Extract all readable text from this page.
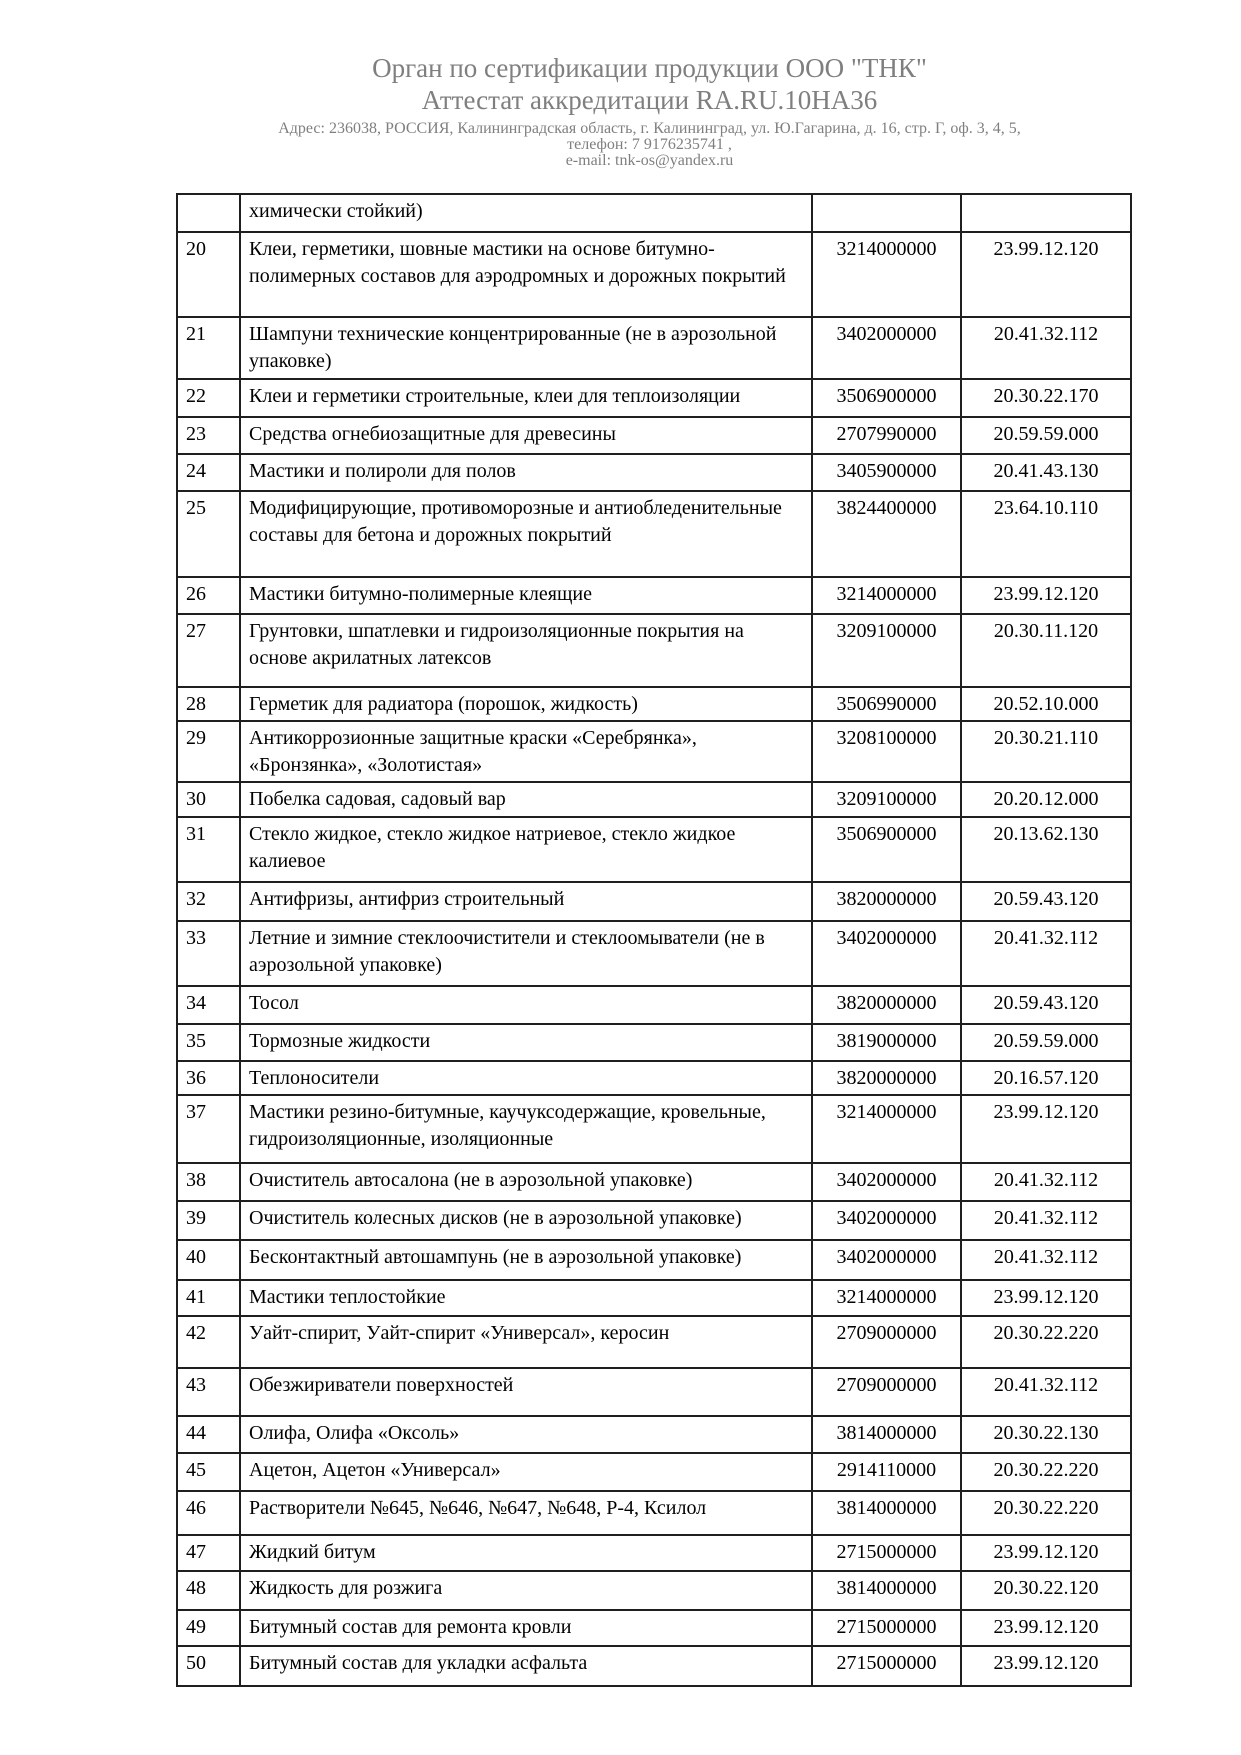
Орган по сертификации продукции ООО "ТНК"
Аттестат аккредитации RA.RU.10НА36
Адрес: 236038, РОССИЯ, Калининградская область, г. Калининград, ул. Ю.Гагарина, д. 16, стр. Г, оф. 3, 4, 5,
телефон: 7 9176235741 ,
e-mail: tnk-os@yandex.ru
	химически стойкий)		
20	Клеи, герметики, шовные мастики на основе битумно-полимерных составов для аэродромных и дорожных покрытий	3214000000	23.99.12.120
21	Шампуни технические концентрированные (не в аэрозольной упаковке)	3402000000	20.41.32.112
22	Клеи и герметики строительные, клеи для теплоизоляции	3506900000	20.30.22.170
23	Средства огнебиозащитные для древесины	2707990000	20.59.59.000
24	Мастики и полироли для полов	3405900000	20.41.43.130
25	Модифицирующие, противоморозные и антиобледенительные составы для бетона и дорожных покрытий	3824400000	23.64.10.110
26	Мастики битумно-полимерные клеящие	3214000000	23.99.12.120
27	Грунтовки, шпатлевки и гидроизоляционные покрытия на основе акрилатных латексов	3209100000	20.30.11.120
28	Герметик для радиатора (порошок, жидкость)	3506990000	20.52.10.000
29	Антикоррозионные защитные краски «Серебрянка», «Бронзянка», «Золотистая»	3208100000	20.30.21.110
30	Побелка садовая, садовый вар	3209100000	20.20.12.000
31	Стекло жидкое, стекло жидкое натриевое, стекло жидкое калиевое	3506900000	20.13.62.130
32	Антифризы, антифриз строительный	3820000000	20.59.43.120
33	Летние и зимние стеклоочистители и стеклоомыватели (не в аэрозольной упаковке)	3402000000	20.41.32.112
34	Тосол	3820000000	20.59.43.120
35	Тормозные жидкости	3819000000	20.59.59.000
36	Теплоносители	3820000000	20.16.57.120
37	Мастики резино-битумные, каучуксодержащие, кровельные, гидроизоляционные, изоляционные	3214000000	23.99.12.120
38	Очиститель автосалона (не в аэрозольной упаковке)	3402000000	20.41.32.112
39	Очиститель колесных дисков (не в аэрозольной упаковке)	3402000000	20.41.32.112
40	Бесконтактный автошампунь (не в аэрозольной упаковке)	3402000000	20.41.32.112
41	Мастики теплостойкие	3214000000	23.99.12.120
42	Уайт-спирит, Уайт-спирит «Универсал», керосин	2709000000	20.30.22.220
43	Обезжириватели поверхностей	2709000000	20.41.32.112
44	Олифа, Олифа «Оксоль»	3814000000	20.30.22.130
45	Ацетон, Ацетон «Универсал»	2914110000	20.30.22.220
46	Растворители №645, №646, №647, №648, Р-4, Ксилол	3814000000	20.30.22.220
47	Жидкий битум	2715000000	23.99.12.120
48	Жидкость для розжига	3814000000	20.30.22.120
49	Битумный состав для ремонта кровли	2715000000	23.99.12.120
50	Битумный состав для укладки асфальта	2715000000	23.99.12.120
